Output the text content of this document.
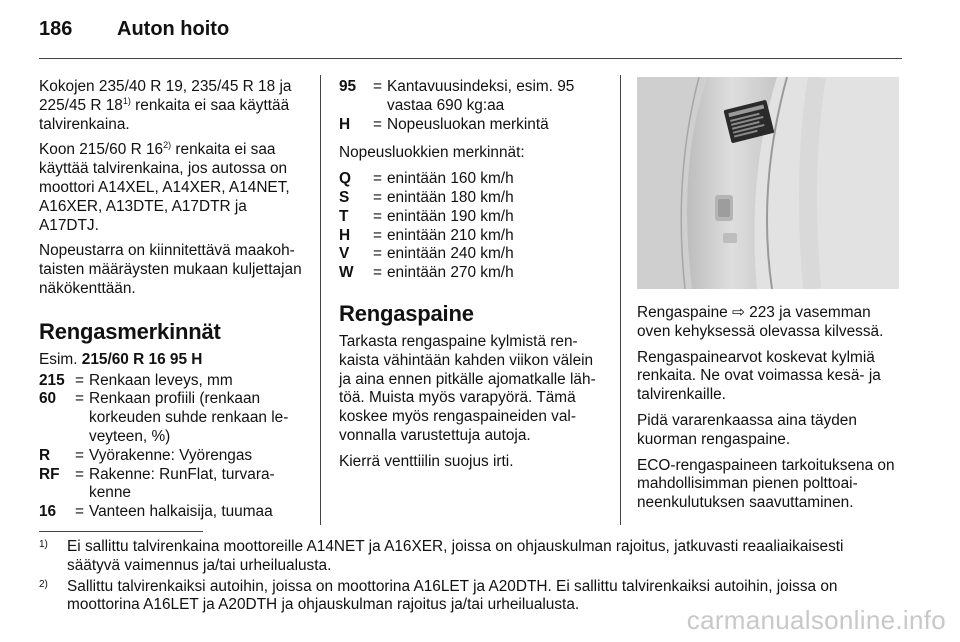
186 Auton hoito

Kokojen 235/40 R 19, 235/45 R 18 ja 225/45 R 18$^{1)}$ renkaita ei saa käyttää talvirenkaina.

Koon 215/60 R 16$^{2)}$ renkaita ei saa käyttää talvirenkaina, jos autossa on moottori A14XEL, A14XER, A14NET, A16XER, A13DTE, A17DTR ja A17DTJ.

Nopeustarra on kiinnitettävä maakohtaisten määräysten mukaan kuljettajan näkökenttään.

Rengasmerkinnät

Esim. 215/60 R 16 95 H

215 = Renkaan leveys, mm
60	= Renkaan profiili (renkaan korkeuden suhde renkaan leveyteen, %)
R	= Vyörakenne: Vyörengas
RF	= Rakenne: RunFlat, turvarakenne
16	= Vanteen halkaisija, tuumaa
95	= Kantavuusindeksi, esim. 95 vastaa 690 kg:aa
H	= Nopeusluokan merkintä

Nopeusluokkien merkinnät:

Q	= enintään 160 km/h
S	= enintään 180 km/h
T	= enintään 190 km/h
H	= enintään 210 km/h
V	= enintään 240 km/h
W	= enintään 270 km/h
Rengaspaine

Tarkasta rengaspaine kylmistä renkaista vähintään kahden viikon välein ja aina ennen pitkälle ajomatkalle lähtöä. Muista myös varapyörä. Tämä koskee myös rengaspaineiden valvonnalla varustettuja autoja.

Kierrä venttiilin suojus irti.

Rengaspaine ⇨ 223 ja vasemman oven kehyksessä olevassa kilvessä.

Rengaspainearvot koskevat kylmiä renkaita. Ne ovat voimassa kesä- ja talvirenkaille.

Pidä vararenkaassa aina täyden kuorman rengaspaine.

ECO-rengaspaineen tarkoituksena on mahdollisimman pienen polttoaineenkulutuksen saavuttaminen.

1)	Ei sallittu talvirenkaina moottoreille A14NET ja A16XER, joissa on ohjauskulman rajoitus, jatkuvasti reaaliaikaisesti säätyvä vaimennus ja/tai urheilualusta.
2)	Sallittu talvirenkaiksi autoihin, joissa on moottorina A16LET ja A20DTH. Ei sallittu talvirenkaiksi autoihin, joissa on moottorina A16LET ja A20DTH ja ohjauskulman rajoitus ja/tai urheilualusta.
carmanualsonline.info
